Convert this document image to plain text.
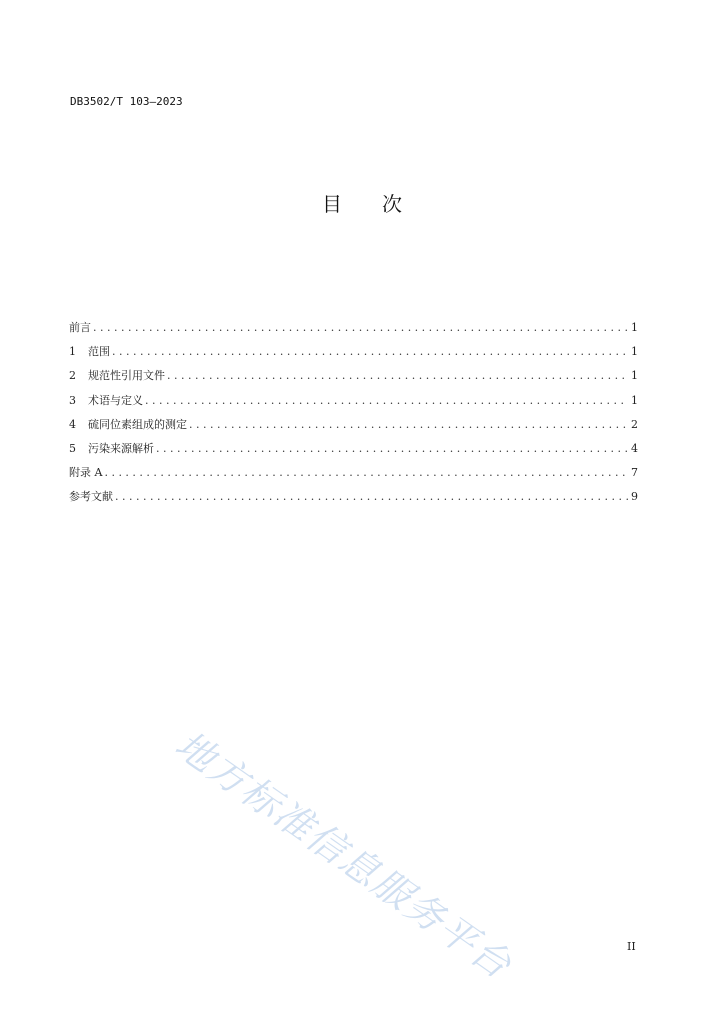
DB3502/T 103—2023
目 次
前言 . . .	1
1	范围 . . .	1
2	规范性引用文件 . . .	1
3	术语与定义 . . .	1
4	硫同位素组成的测定 . . .	2
5	污染来源解析 . . .	4
附录 A . . .	7
参考文献 . . .	9
地方标准信息服务平台	II
